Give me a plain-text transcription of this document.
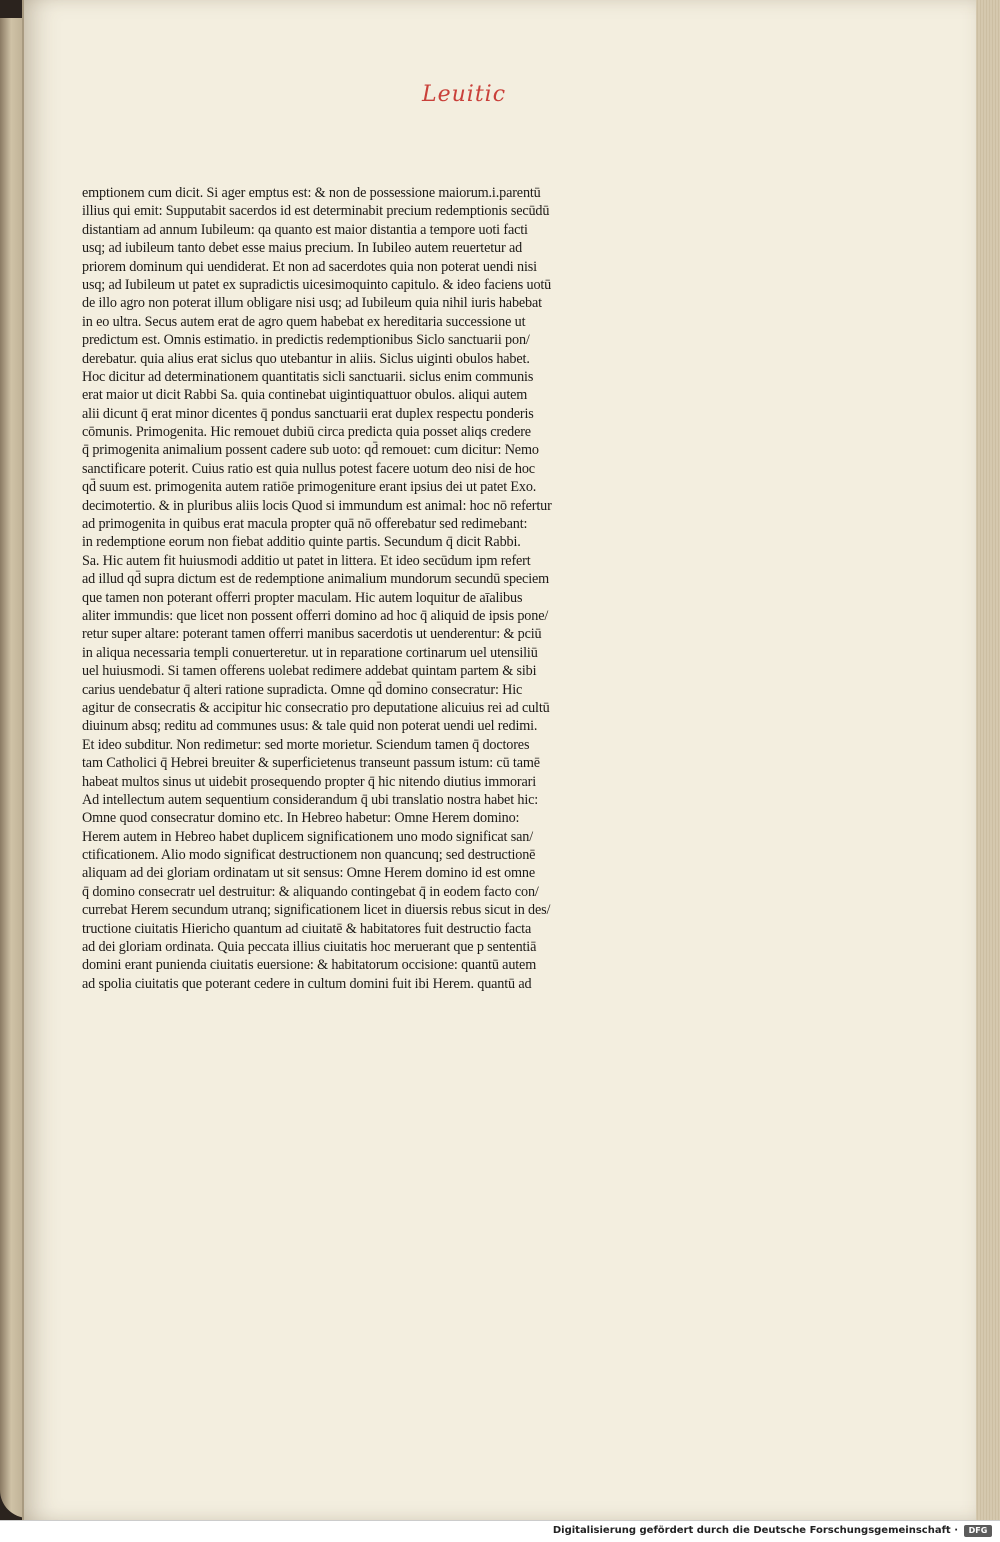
Leuitic
emptionem cum dicit. Si ager emptus est: & non de possessione maiorum.i.parentū
illius qui emit: Supputabit sacerdos id est determinabit precium redemptionis secūdū
distantiam ad annum Iubileum: qa quanto est maior distantia a tempore uoti facti
usq; ad iubileum tanto debet esse maius precium. In Iubileo autem reuertetur ad
priorem dominum qui uendiderat. Et non ad sacerdotes quia non poterat uendi nisi
usq; ad Iubileum ut patet ex supradictis uicesimoquinto capitulo. & ideo faciens uotū
de illo agro non poterat illum obligare nisi usq; ad Iubileum quia nihil iuris habebat
in eo ultra. Secus autem erat de agro quem habebat ex hereditaria successione ut
predictum est. Omnis estimatio. in predictis redemptionibus Siclo sanctuarii pon/
derebatur. quia alius erat siclus quo utebantur in aliis. Siclus uiginti obulos habet.
Hoc dicitur ad determinationem quantitatis sicli sanctuarii. siclus enim communis
erat maior ut dicit Rabbi Sa. quia continebat uigintiquattuor obulos. aliqui autem
alii dicunt q̄ erat minor dicentes q̄ pondus sanctuarii erat duplex respectu ponderis
cōmunis. Primogenita. Hic remouet dubiū circa predicta quia posset aliqs credere
q̄ primogenita animalium possent cadere sub uoto: qd̄ remouet: cum dicitur: Nemo
sanctificare poterit. Cuius ratio est quia nullus potest facere uotum deo nisi de hoc
qd̄ suum est. primogenita autem ratiōe primogeniture erant ipsius dei ut patet Exo.
decimotertio. & in pluribus aliis locis Quod si immundum est animal: hoc nō refertur
ad primogenita in quibus erat macula propter quā nō offerebatur sed redimebant:
in redemptione eorum non fiebat additio quinte partis. Secundum q̄ dicit Rabbi.
Sa. Hic autem fit huiusmodi additio ut patet in littera. Et ideo secūdum ipm refert
ad illud qd̄ supra dictum est de redemptione animalium mundorum secundū speciem
que tamen non poterant offerri propter maculam. Hic autem loquitur de aīalibus
aliter immundis: que licet non possent offerri domino ad hoc q̄ aliquid de ipsis pone/
retur super altare: poterant tamen offerri manibus sacerdotis ut uenderentur: & pciū
in aliqua necessaria templi conuerteretur. ut in reparatione cortinarum uel utensiliū
uel huiusmodi. Si tamen offerens uolebat redimere addebat quintam partem & sibi
carius uendebatur q̄ alteri ratione supradicta. Omne qd̄ domino consecratur: Hic
agitur de consecratis & accipitur hic consecratio pro deputatione alicuius rei ad cultū
diuinum absq; reditu ad communes usus: & tale quid non poterat uendi uel redimi.
Et ideo subditur. Non redimetur: sed morte morietur. Sciendum tamen q̄ doctores
tam Catholici q̄ Hebrei breuiter & superficietenus transeunt passum istum: cū tamē
habeat multos sinus ut uidebit prosequendo propter q̄ hic nitendo diutius immorari
Ad intellectum autem sequentium considerandum q̄ ubi translatio nostra habet hic:
Omne quod consecratur domino etc. In Hebreo habetur: Omne Herem domino:
Herem autem in Hebreo habet duplicem significationem uno modo significat san/
ctificationem. Alio modo significat destructionem non quancunq; sed destructionē
aliquam ad dei gloriam ordinatam ut sit sensus: Omne Herem domino id est omne
q̄ domino consecratr uel destruitur: & aliquando contingebat q̄ in eodem facto con/
currebat Herem secundum utranq; significationem licet in diuersis rebus sicut in des/
tructione ciuitatis Hiericho quantum ad ciuitatē & habitatores fuit destructio facta
ad dei gloriam ordinata. Quia peccata illius ciuitatis hoc meruerant que p sententiā
domini erant punienda ciuitatis euersione: & habitatorum occisione: quantū autem
ad spolia ciuitatis que poterant cedere in cultum domini fuit ibi Herem. quantū ad
Digitalisierung gefördert durch die Deutsche Forschungsgemeinschaft ·	DFG
